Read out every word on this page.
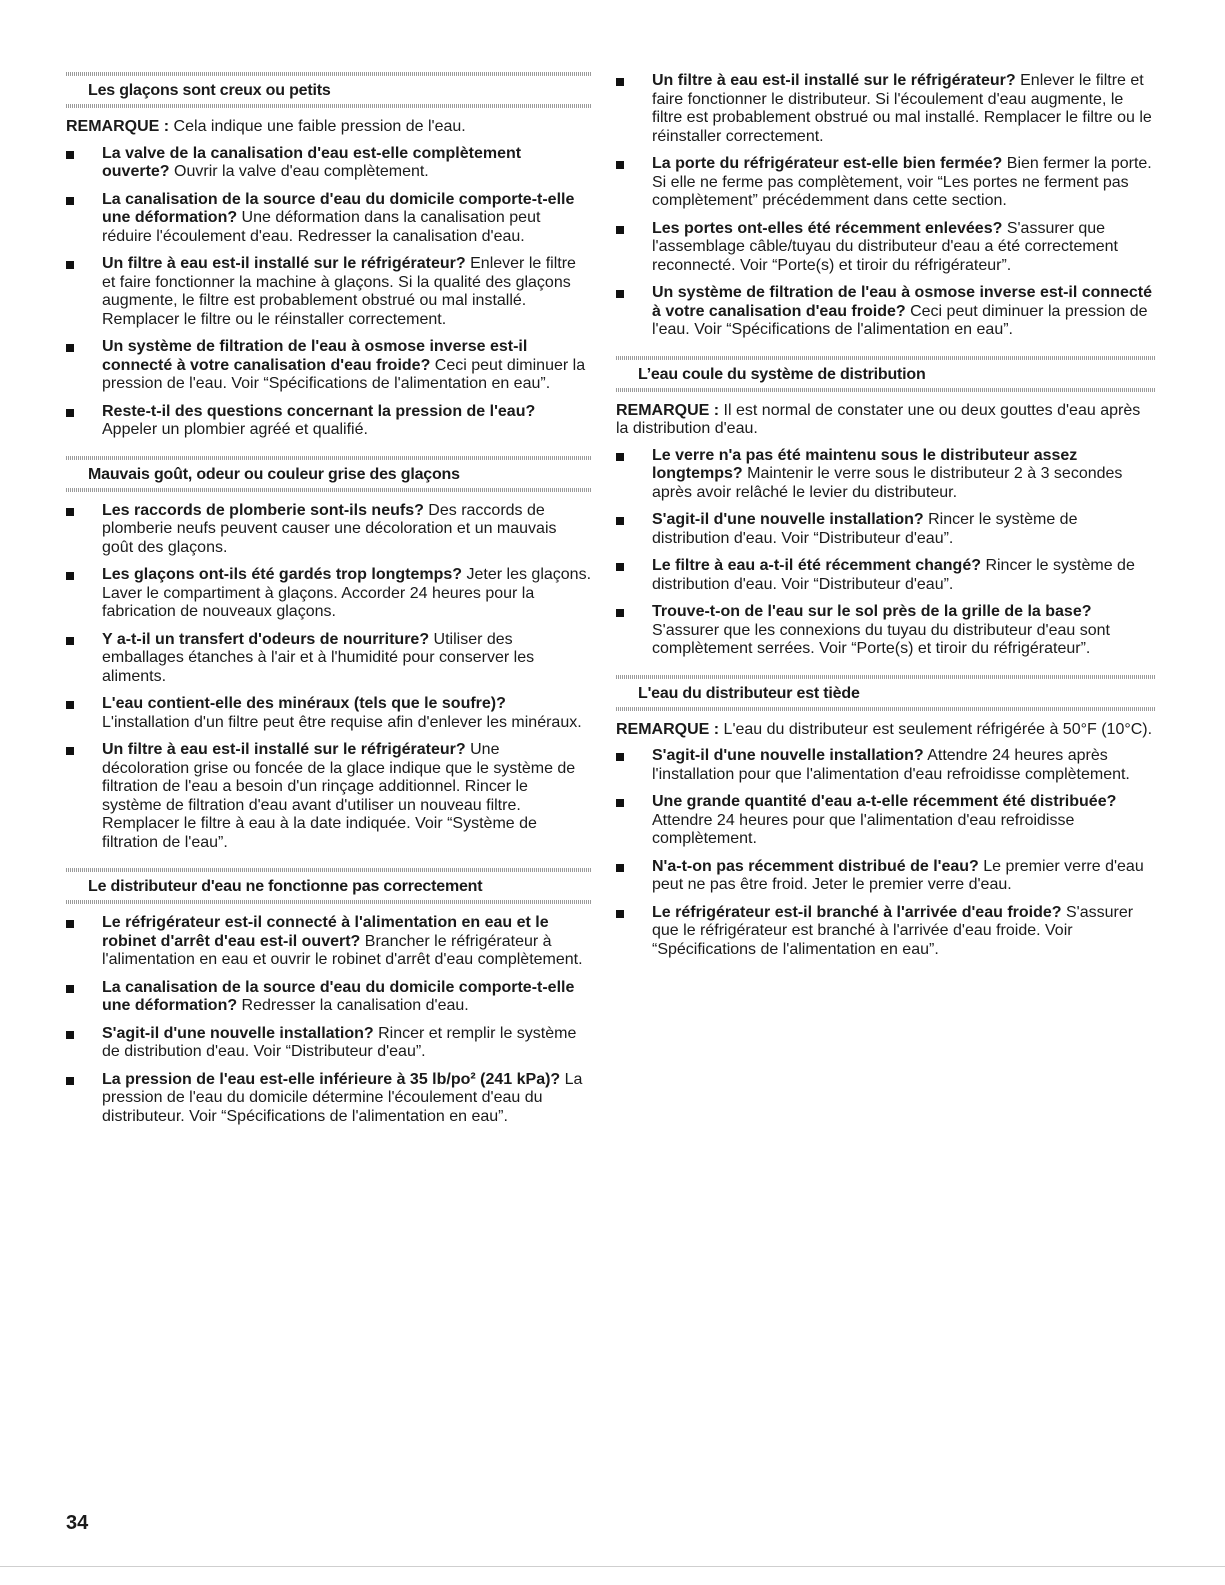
Les glaçons sont creux ou petits

REMARQUE : Cela indique une faible pression de l'eau.

La valve de la canalisation d'eau est-elle complètement ouverte? Ouvrir la valve d'eau complètement.
La canalisation de la source d'eau du domicile comporte-t-elle une déformation? Une déformation dans la canalisation peut réduire l'écoulement d'eau. Redresser la canalisation d'eau.
Un filtre à eau est-il installé sur le réfrigérateur? Enlever le filtre et faire fonctionner la machine à glaçons. Si la qualité des glaçons augmente, le filtre est probablement obstrué ou mal installé. Remplacer le filtre ou le réinstaller correctement.
Un système de filtration de l'eau à osmose inverse est-il connecté à votre canalisation d'eau froide? Ceci peut diminuer la pression de l'eau. Voir “Spécifications de l'alimentation en eau”.
Reste-t-il des questions concernant la pression de l'eau? Appeler un plombier agréé et qualifié.
Mauvais goût, odeur ou couleur grise des glaçons
Les raccords de plomberie sont-ils neufs? Des raccords de plomberie neufs peuvent causer une décoloration et un mauvais goût des glaçons.
Les glaçons ont-ils été gardés trop longtemps? Jeter les glaçons. Laver le compartiment à glaçons. Accorder 24 heures pour la fabrication de nouveaux glaçons.
Y a-t-il un transfert d'odeurs de nourriture? Utiliser des emballages étanches à l'air et à l'humidité pour conserver les aliments.
L'eau contient-elle des minéraux (tels que le soufre)? L'installation d'un filtre peut être requise afin d'enlever les minéraux.
Un filtre à eau est-il installé sur le réfrigérateur? Une décoloration grise ou foncée de la glace indique que le système de filtration de l'eau a besoin d'un rinçage additionnel. Rincer le système de filtration d'eau avant d'utiliser un nouveau filtre. Remplacer le filtre à eau à la date indiquée. Voir “Système de filtration de l'eau”.
Le distributeur d'eau ne fonctionne pas correctement
Le réfrigérateur est-il connecté à l'alimentation en eau et le robinet d'arrêt d'eau est-il ouvert? Brancher le réfrigérateur à l'alimentation en eau et ouvrir le robinet d'arrêt d'eau complètement.
La canalisation de la source d'eau du domicile comporte-t-elle une déformation? Redresser la canalisation d'eau.
S'agit-il d'une nouvelle installation? Rincer et remplir le système de distribution d'eau. Voir “Distributeur d'eau”.
La pression de l'eau est-elle inférieure à 35 lb/po² (241 kPa)? La pression de l'eau du domicile détermine l'écoulement d'eau du distributeur. Voir “Spécifications de l'alimentation en eau”.
Un filtre à eau est-il installé sur le réfrigérateur? Enlever le filtre et faire fonctionner le distributeur. Si l'écoulement d'eau augmente, le filtre est probablement obstrué ou mal installé. Remplacer le filtre ou le réinstaller correctement.
La porte du réfrigérateur est-elle bien fermée? Bien fermer la porte. Si elle ne ferme pas complètement, voir “Les portes ne ferment pas complètement” précédemment dans cette section.
Les portes ont-elles été récemment enlevées? S'assurer que l'assemblage câble/tuyau du distributeur d'eau a été correctement reconnecté. Voir “Porte(s) et tiroir du réfrigérateur”.
Un système de filtration de l'eau à osmose inverse est-il connecté à votre canalisation d'eau froide? Ceci peut diminuer la pression de l'eau. Voir “Spécifications de l'alimentation en eau”.
L’eau coule du système de distribution

REMARQUE : Il est normal de constater une ou deux gouttes d'eau après la distribution d'eau.

Le verre n'a pas été maintenu sous le distributeur assez longtemps? Maintenir le verre sous le distributeur 2 à 3 secondes après avoir relâché le levier du distributeur.
S'agit-il d'une nouvelle installation? Rincer le système de distribution d'eau. Voir “Distributeur d'eau”.
Le filtre à eau a-t-il été récemment changé? Rincer le système de distribution d'eau. Voir “Distributeur d'eau”.
Trouve-t-on de l'eau sur le sol près de la grille de la base? S'assurer que les connexions du tuyau du distributeur d'eau sont complètement serrées. Voir “Porte(s) et tiroir du réfrigérateur”.
L'eau du distributeur est tiède

REMARQUE : L'eau du distributeur est seulement réfrigérée à 50°F (10°C).

S'agit-il d'une nouvelle installation? Attendre 24 heures après l'installation pour que l'alimentation d'eau refroidisse complètement.
Une grande quantité d'eau a-t-elle récemment été distribuée? Attendre 24 heures pour que l'alimentation d'eau refroidisse complètement.
N'a-t-on pas récemment distribué de l'eau? Le premier verre d'eau peut ne pas être froid. Jeter le premier verre d'eau.
Le réfrigérateur est-il branché à l'arrivée d'eau froide? S'assurer que le réfrigérateur est branché à l'arrivée d'eau froide. Voir “Spécifications de l'alimentation en eau”.
34
